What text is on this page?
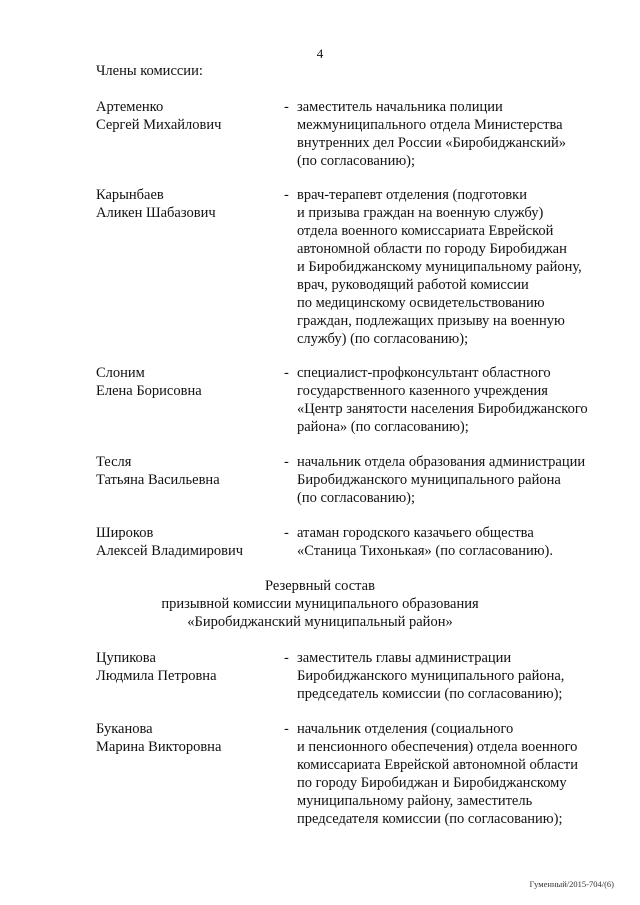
4
Члены комиссии:
Артеменко
Сергей Михайлович
- заместитель начальника полиции
межмуниципального отдела Министерства
внутренних дел России «Биробиджанский»
(по согласованию);
Карынбаев
Аликен Шабазович
- врач-терапевт отделения (подготовки
и призыва граждан на военную службу)
отдела военного комиссариата Еврейской
автономной области по городу Биробиджан
и Биробиджанскому муниципальному району,
врач, руководящий работой комиссии
по медицинскому освидетельствованию
граждан, подлежащих призыву на военную
службу) (по согласованию);
Слоним
Елена Борисовна
- специалист-профконсультант областного
государственного казенного учреждения
«Центр занятости населения Биробиджанского
района» (по согласованию);
Тесля
Татьяна Васильевна
- начальник отдела образования администрации
Биробиджанского муниципального района
(по согласованию);
Широков
Алексей Владимирович
- атаман городского казачьего общества
«Станица Тихонькая» (по согласованию).
Резервный состав
призывной комиссии муниципального образования
«Биробиджанский муниципальный район»
Цупикова
Людмила Петровна
- заместитель главы администрации
Биробиджанского муниципального района,
председатель комиссии (по согласованию);
Буканова
Марина Викторовна
- начальник отделения (социального
и пенсионного обеспечения) отдела военного
комиссариата Еврейской автономной области
по городу Биробиджан и Биробиджанскому
муниципальному району, заместитель
председателя комиссии (по согласованию);
Гуменный/2015-704/(6)
